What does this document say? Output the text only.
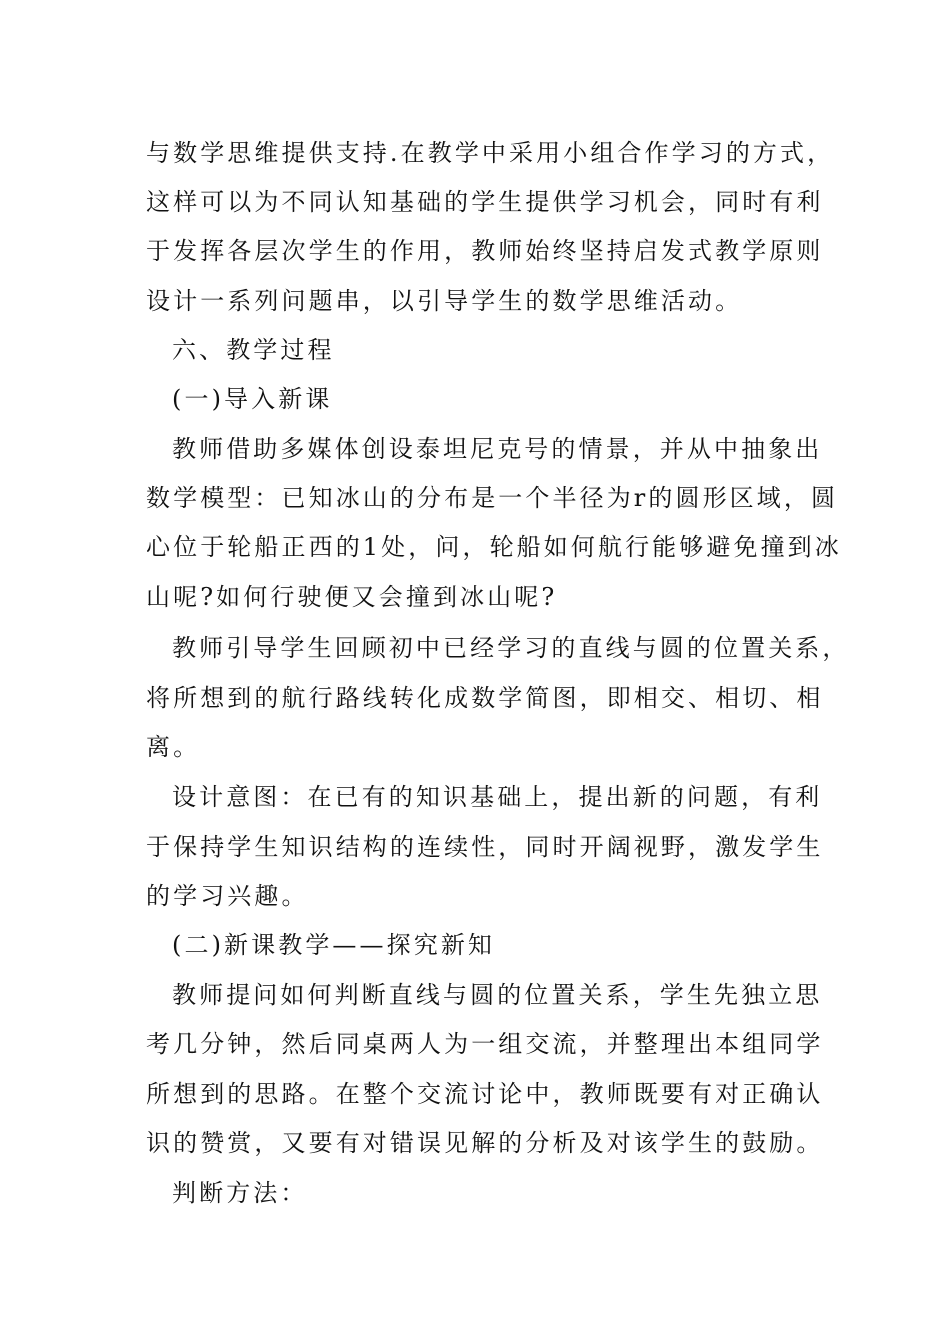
与数学思维提供支持.在教学中采用小组合作学习的方式，
这样可以为不同认知基础的学生提供学习机会，同时有利
于发挥各层次学生的作用，教师始终坚持启发式教学原则
设计一系列问题串，以引导学生的数学思维活动。
六、教学过程
(一)导入新课
教师借助多媒体创设泰坦尼克号的情景，并从中抽象出
数学模型：已知冰山的分布是一个半径为r的圆形区域，圆
心位于轮船正西的1处，问，轮船如何航行能够避免撞到冰
山呢?如何行驶便又会撞到冰山呢?
教师引导学生回顾初中已经学习的直线与圆的位置关系，
将所想到的航行路线转化成数学简图，即相交、相切、相
离。
设计意图：在已有的知识基础上，提出新的问题，有利
于保持学生知识结构的连续性，同时开阔视野，激发学生
的学习兴趣。
(二)新课教学——探究新知
教师提问如何判断直线与圆的位置关系，学生先独立思
考几分钟，然后同桌两人为一组交流，并整理出本组同学
所想到的思路。在整个交流讨论中，教师既要有对正确认
识的赞赏，又要有对错误见解的分析及对该学生的鼓励。
判断方法：
